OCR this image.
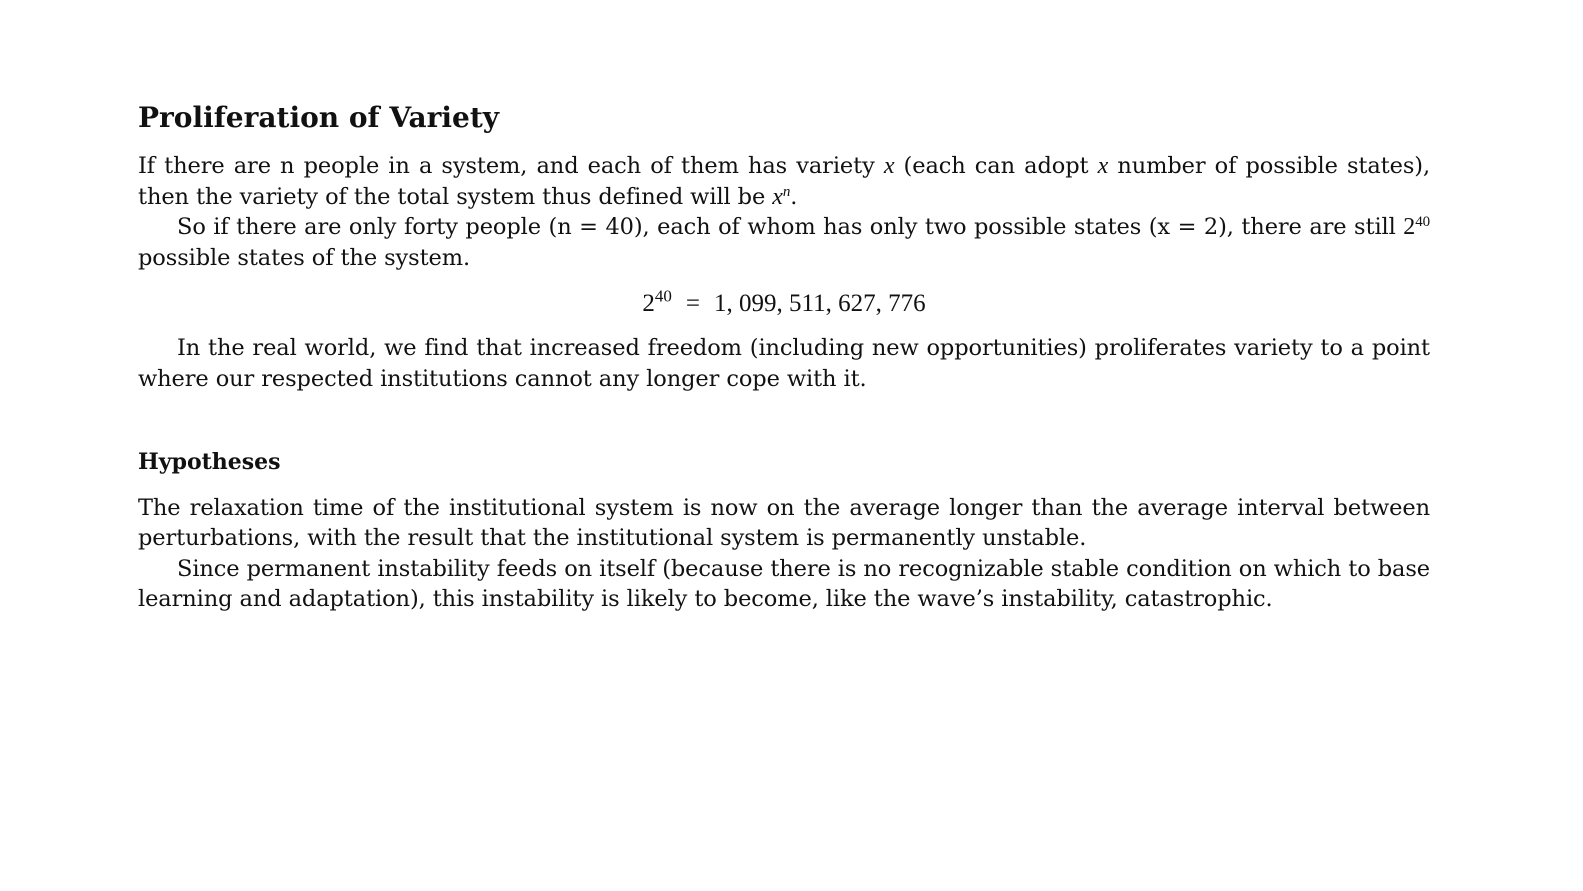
Proliferation of Variety

If there are n people in a system, and each of them has variety x (each can adopt x number of possible states), then the variety of the total system thus defined will be $x^n$.

So if there are only forty people (n = 40), each of whom has only two possible states (x = 2), there are still $2^{40}$ possible states of the system.

$2^{40} = 1$, 099, 511, 627, 776

In the real world, we find that increased freedom (including new opportunities) proliferates variety to a point where our respected institutions cannot any longer cope with it.

Hypotheses

The relaxation time of the institutional system is now on the average longer than the average interval between perturbations, with the result that the institutional system is permanently unstable.

Since permanent instability feeds on itself (because there is no recognizable stable condition on which to base learning and adaptation), this instability is likely to become, like the wave’s instability, catastrophic.
